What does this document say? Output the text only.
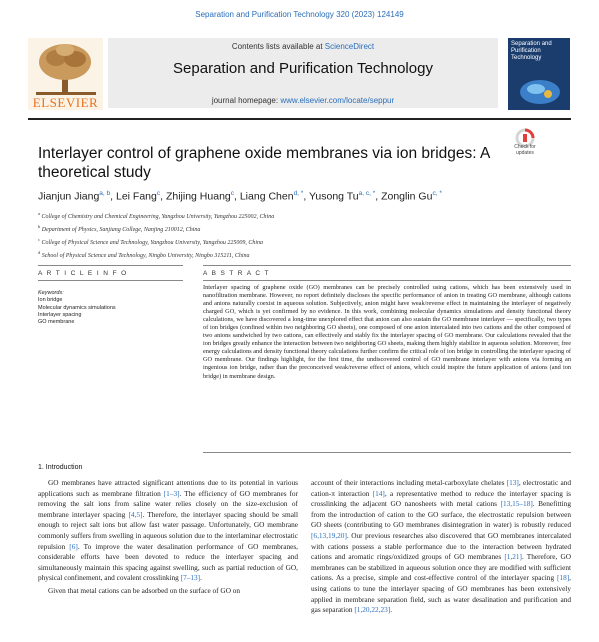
Separation and Purification Technology 320 (2023) 124149
ELSEVIER
Contents lists available at ScienceDirect
Separation and Purification Technology
journal homepage: www.elsevier.com/locate/seppur
Separation and Purification Technology
Check for updates
Interlayer control of graphene oxide membranes via ion bridges: A theoretical study
Jianjun Jiang$^{a, b}$, Lei Fang$^c$, Zhijing Huang$^c$, Liang Chen$^{d, *}$, Yusong $Tu^{a, c, *}$, Zonglin $Gu^{c, *}$
$^a$ College of Chemistry and Chemical Engineering, Yangzhou University, Yangzhou 225002, China
$^b$ Department of Physics, Sanjiang College, Nanjing 210012, China
$^c$ College of Physical Science and Technology, Yangzhou University, Yangzhou 225009, China
$^d$ School of Physical Science and Technology, Ningbo University, Ningbo 315211, China
A R T I C L E I N F O	A B S T R A C T
Keywords:
Ion bridge
Molecular dynamics simulations
Interlayer spacing
GO membrane
Interlayer spacing of graphene oxide (GO) membranes can be precisely controlled using cations, which has been extensively used in nanofiltration membrane. However, no report definitely discloses the specific performance of anion in treating GO membrane, although cations and anions naturally coexist in aqueous solution. Subjectively, anion might have weak/reverse effect in maintaining the interlayer of negatively charged GO, which is yet confirmed by no evidence. In this work, combining molecular dynamics simulations and density functional theory calculations, we have discovered a long-time unexplored effect that anion can also sustain the GO membrane interlayer — specifically, two types of ion bridges (confined within two neighboring GO sheets), one composed of one anion intercalated into two cations and the other composed of two anions sandwiched by two cations, can effectively and stably fix the interlayer spacing of GO membrane. Our calculations revealed that the ion bridges greatly enhance the interaction between two neighboring GO sheets, making them highly stabilize in aqueous solution. Moreover, free energy calculations and density functional theory calculations further confirm the critical role of ion bridge in controlling the interlayer spacing of GO membrane. Our findings highlight, for the first time, the undiscovered control of GO membrane interlayer with anions via forming an ingenious ion bridge, rather than the preconceived weak/reverse effect of anions, which could inspire the future application of anions (and ion bridge) in membrane design.
1. Introduction

GO membranes have attracted significant attentions due to its potential in various applications such as membrane filtration [1–3]. The efficiency of GO membranes for removing the salt ions from saline water relies closely on the size-exclusion of membrane interlayer spacing [4,5]. Therefore, the interlayer spacing should be small enough to reject salt ions but allow fast water passage. Unfortunately, GO membrane commonly suffers from swelling in aqueous solution due to the interlaminar electrostatic repulsion [6]. To improve the water desalination performance of GO membranes, considerable efforts have been devoted to reduce the interlayer spacing and simultaneously maintain this spacing against swelling, such as partial reduction of GO, physical confinement, and covalent crosslinking [7–13].

Given that metal cations can be adsorbed on the surface of GO on

account of their interactions including metal-carboxylate chelates [13], electrostatic and cation-π interaction [14], a representative method to reduce the interlayer spacing is crosslinking the adjacent GO nanosheets with metal cations [13,15–18]. Benefitting from the introduction of cation to the GO surface, the electrostatic repulsion between GO sheets (contributing to GO membranes disintegration in water) is robustly reduced [6,13,19,20]. Our previous researches also discovered that GO membranes intercalated with cations possess a stable performance due to the interaction between hydrated cations and aromatic rings/oxidized groups of GO membranes [1,21]. Therefore, GO membranes can be stabilized in aqueous solution once they are modified with sufficient cations. As a precise, simple and cost-effective control of the interlayer spacing [18], using cations to tune the interlayer spacing of GO membranes has been extensively applied in membrane separation field, such as water desalination and purification and gas separation [1,20,22,23].
